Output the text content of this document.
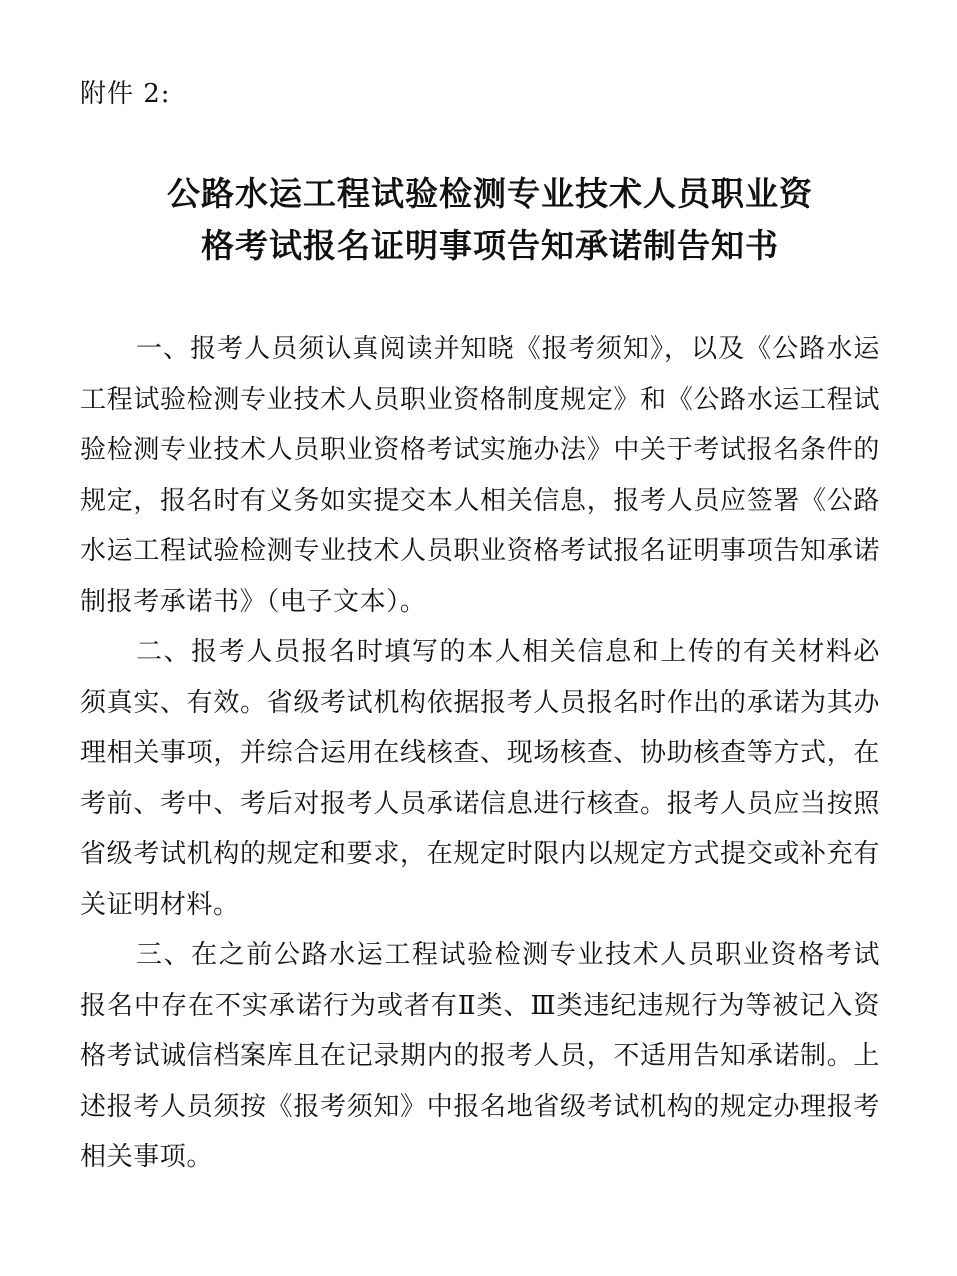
附件 2:
公路水运工程试验检测专业技术人员职业资
格考试报名证明事项告知承诺制告知书

一、报考人员须认真阅读并知晓《报考须知》，以及《公路水运工程试验检测专业技术人员职业资格制度规定》和《公路水运工程试验检测专业技术人员职业资格考试实施办法》中关于考试报名条件的规定，报名时有义务如实提交本人相关信息，报考人员应签署《公路水运工程试验检测专业技术人员职业资格考试报名证明事项告知承诺制报考承诺书》（电子文本）。

二、报考人员报名时填写的本人相关信息和上传的有关材料必须真实、有效。省级考试机构依据报考人员报名时作出的承诺为其办理相关事项，并综合运用在线核查、现场核查、协助核查等方式，在考前、考中、考后对报考人员承诺信息进行核查。报考人员应当按照省级考试机构的规定和要求，在规定时限内以规定方式提交或补充有关证明材料。

三、在之前公路水运工程试验检测专业技术人员职业资格考试报名中存在不实承诺行为或者有Ⅱ类、Ⅲ类违纪违规行为等被记入资格考试诚信档案库且在记录期内的报考人员，不适用告知承诺制。上述报考人员须按《报考须知》中报名地省级考试机构的规定办理报考相关事项。
